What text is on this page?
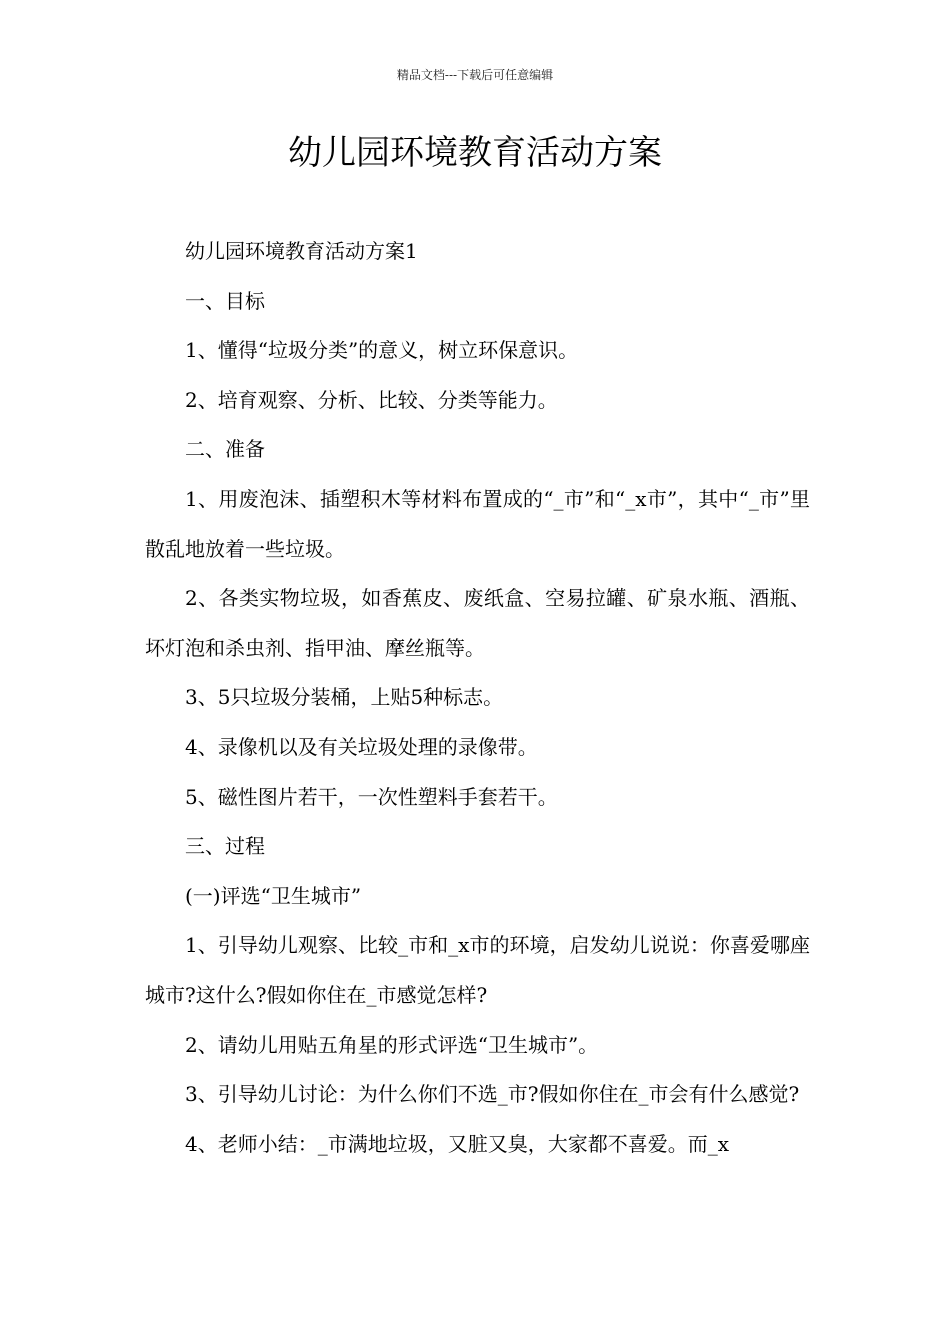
精品文档---下载后可任意编辑
幼儿园环境教育活动方案

幼儿园环境教育活动方案1

一、目标

1、懂得“垃圾分类”的意义，树立环保意识。

2、培育观察、分析、比较、分类等能力。

二、准备

1、用废泡沫、插塑积木等材料布置成的“_市”和“_x市”，其中“_市”里散乱地放着一些垃圾。

2、各类实物垃圾，如香蕉皮、废纸盒、空易拉罐、矿泉水瓶、酒瓶、坏灯泡和杀虫剂、指甲油、摩丝瓶等。

3、5只垃圾分装桶，上贴5种标志。

4、录像机以及有关垃圾处理的录像带。

5、磁性图片若干，一次性塑料手套若干。

三、过程

(一)评选“卫生城市”

1、引导幼儿观察、比较_市和_x市的环境，启发幼儿说说：你喜爱哪座城市?这什么?假如你住在_市感觉怎样?

2、请幼儿用贴五角星的形式评选“卫生城市”。

3、引导幼儿讨论：为什么你们不选_市?假如你住在_市会有什么感觉?

4、老师小结：_市满地垃圾，又脏又臭，大家都不喜爱。而_x
